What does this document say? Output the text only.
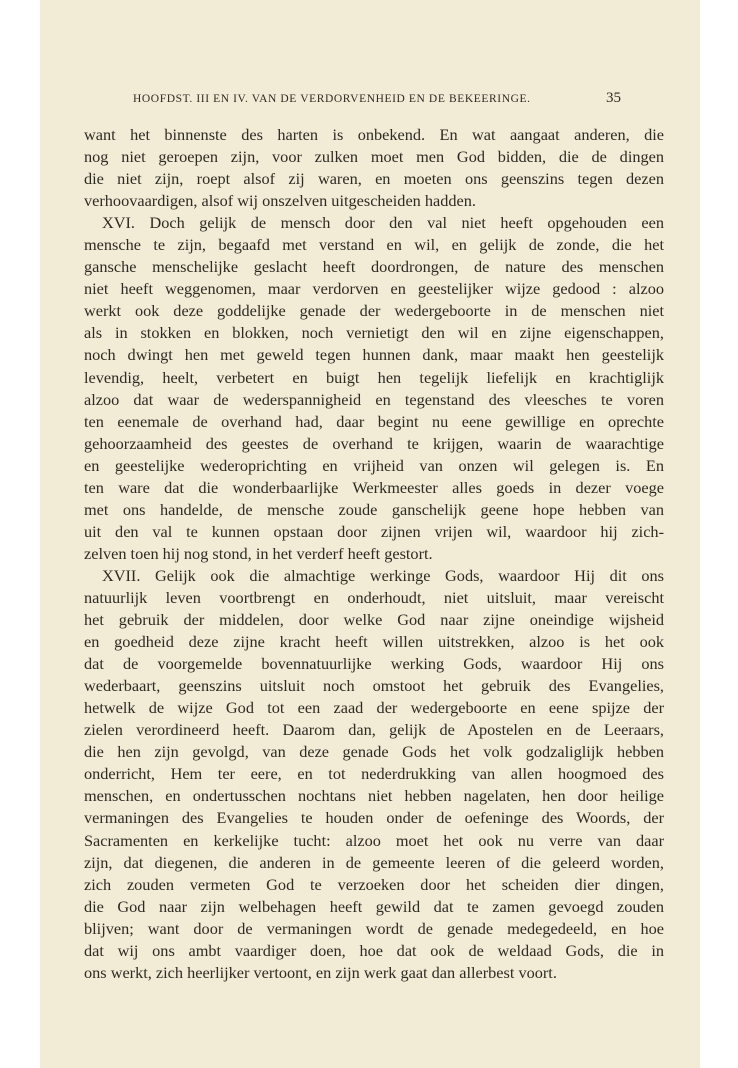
HOOFDST. III EN IV. VAN DE VERDORVENHEID EN DE BEKEERINGE.	35
want het binnenste des harten is onbekend. En wat aangaat anderen, die
nog niet geroepen zijn, voor zulken moet men God bidden, die de dingen
die niet zijn, roept alsof zij waren, en moeten ons geenszins tegen dezen
verhoovaardigen, alsof wij onszelven uitgescheiden hadden.
XVI. Doch gelijk de mensch door den val niet heeft opgehouden een
mensche te zijn, begaafd met verstand en wil, en gelijk de zonde, die het
gansche menschelijke geslacht heeft doordrongen, de nature des menschen
niet heeft weggenomen, maar verdorven en geestelijker wijze gedood : alzoo
werkt ook deze goddelijke genade der wedergeboorte in de menschen niet
als in stokken en blokken, noch vernietigt den wil en zijne eigenschappen,
noch dwingt hen met geweld tegen hunnen dank, maar maakt hen geestelijk
levendig, heelt, verbetert en buigt hen tegelijk liefelijk en krachtiglijk
alzoo dat waar de wederspannigheid en tegenstand des vleesches te voren
ten eenemale de overhand had, daar begint nu eene gewillige en oprechte
gehoorzaamheid des geestes de overhand te krijgen, waarin de waarachtige
en geestelijke wederoprichting en vrijheid van onzen wil gelegen is. En
ten ware dat die wonderbaarlijke Werkmeester alles goeds in dezer voege
met ons handelde, de mensche zoude ganschelijk geene hope hebben van
uit den val te kunnen opstaan door zijnen vrijen wil, waardoor hij zich-
zelven toen hij nog stond, in het verderf heeft gestort.
XVII. Gelijk ook die almachtige werkinge Gods, waardoor Hij dit ons
natuurlijk leven voortbrengt en onderhoudt, niet uitsluit, maar vereischt
het gebruik der middelen, door welke God naar zijne oneindige wijsheid
en goedheid deze zijne kracht heeft willen uitstrekken, alzoo is het ook
dat de voorgemelde bovennatuurlijke werking Gods, waardoor Hij ons
wederbaart, geenszins uitsluit noch omstoot het gebruik des Evangelies,
hetwelk de wijze God tot een zaad der wedergeboorte en eene spijze der
zielen verordineerd heeft. Daarom dan, gelijk de Apostelen en de Leeraars,
die hen zijn gevolgd, van deze genade Gods het volk godzaliglijk hebben
onderricht, Hem ter eere, en tot nederdrukking van allen hoogmoed des
menschen, en ondertusschen nochtans niet hebben nagelaten, hen door heilige
vermaningen des Evangelies te houden onder de oefeninge des Woords, der
Sacramenten en kerkelijke tucht: alzoo moet het ook nu verre van daar
zijn, dat diegenen, die anderen in de gemeente leeren of die geleerd worden,
zich zouden vermeten God te verzoeken door het scheiden dier dingen,
die God naar zijn welbehagen heeft gewild dat te zamen gevoegd zouden
blijven; want door de vermaningen wordt de genade medegedeeld, en hoe
dat wij ons ambt vaardiger doen, hoe dat ook de weldaad Gods, die in
ons werkt, zich heerlijker vertoont, en zijn werk gaat dan allerbest voort.
